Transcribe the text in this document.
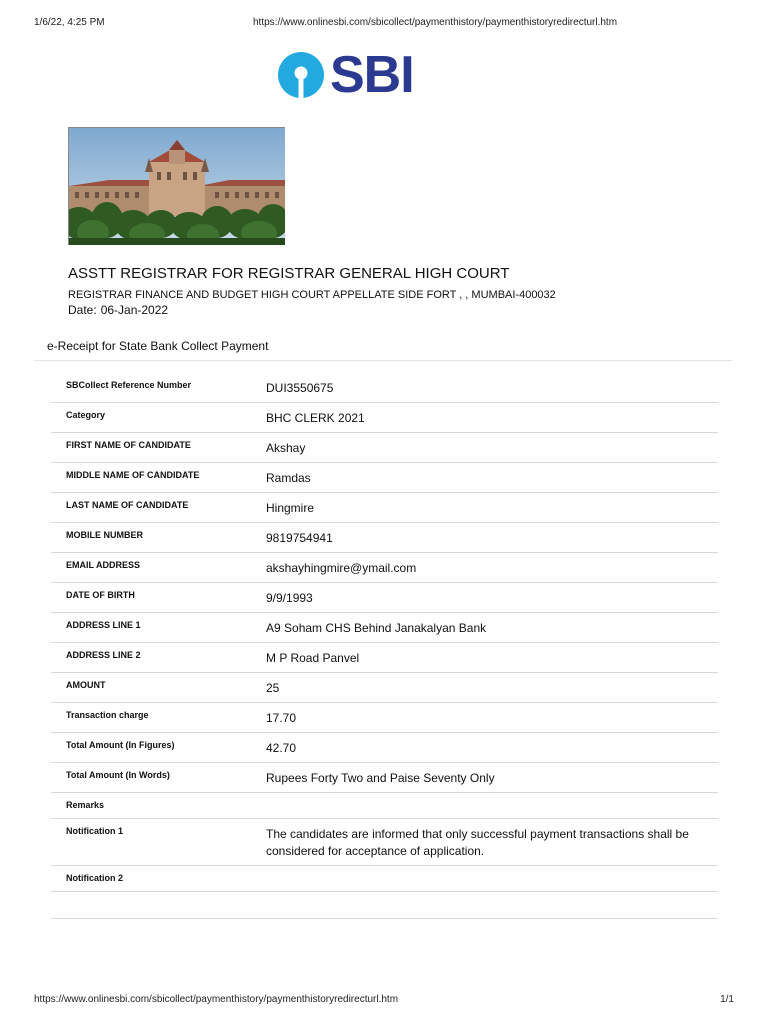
1/6/22, 4:25 PM	https://www.onlinesbi.com/sbicollect/paymenthistory/paymenthistoryredirecturl.htm
SBI
ASSTT REGISTRAR FOR REGISTRAR GENERAL HIGH COURT
REGISTRAR FINANCE AND BUDGET HIGH COURT APPELLATE SIDE FORT , , MUMBAI-400032
Date: 06-Jan-2022
e-Receipt for State Bank Collect Payment
SBCollect Reference Number	DUI3550675
Category	BHC CLERK 2021
FIRST NAME OF CANDIDATE	Akshay
MIDDLE NAME OF CANDIDATE	Ramdas
LAST NAME OF CANDIDATE	Hingmire
MOBILE NUMBER	9819754941
EMAIL ADDRESS	akshayhingmire@ymail.com
DATE OF BIRTH	9/9/1993
ADDRESS LINE 1	A9 Soham CHS Behind Janakalyan Bank
ADDRESS LINE 2	M P Road Panvel
AMOUNT	25
Transaction charge	17.70
Total Amount (In Figures)	42.70
Total Amount (In Words)	Rupees Forty Two and Paise Seventy Only
Remarks	
Notification 1	The candidates are informed that only successful payment transactions shall be considered for acceptance of application.
Notification 2	

https://www.onlinesbi.com/sbicollect/paymenthistory/paymenthistoryredirecturl.htm	1/1
